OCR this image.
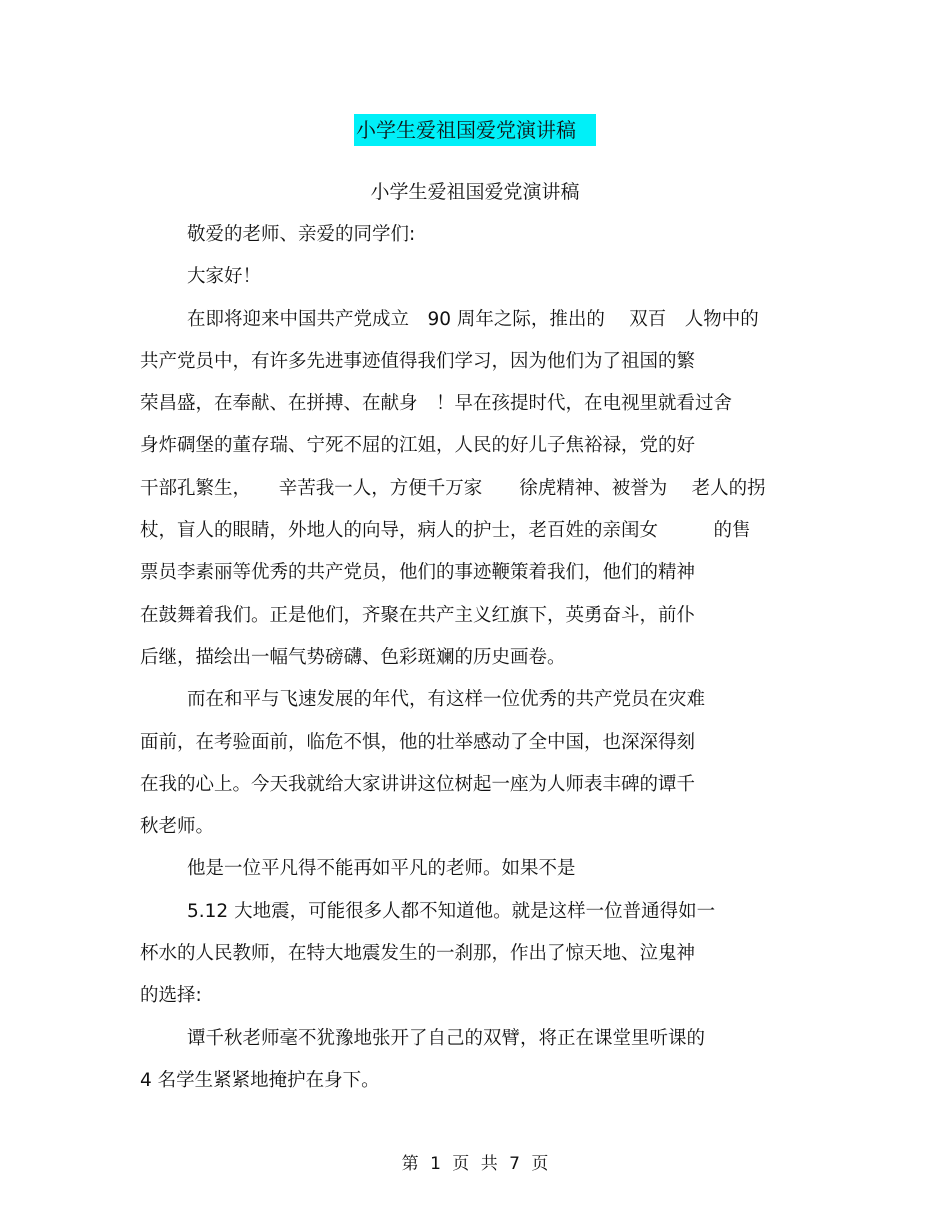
小学生爱祖国爱党演讲稿
小学生爱祖国爱党演讲稿
敬爱的老师、亲爱的同学们:
大家好！
在即将迎来中国共产党成立　90 周年之际，推出的　 双百　人物中的
共产党员中，有许多先进事迹值得我们学习，因为他们为了祖国的繁
荣昌盛，在奉献、在拼搏、在献身　！早在孩提时代，在电视里就看过舍
身炸碉堡的董存瑞、宁死不屈的江姐，人民的好儿子焦裕禄，党的好
干部孔繁生，　　辛苦我一人，方便千万家　　徐虎精神、被誉为　 老人的拐
杖，盲人的眼睛，外地人的向导，病人的护士，老百姓的亲闺女　　　的售
票员李素丽等优秀的共产党员，他们的事迹鞭策着我们，他们的精神
在鼓舞着我们。正是他们，齐聚在共产主义红旗下，英勇奋斗，前仆
后继，描绘出一幅气势磅礴、色彩斑斓的历史画卷。
而在和平与飞速发展的年代，有这样一位优秀的共产党员在灾难
面前，在考验面前，临危不惧，他的壮举感动了全中国，也深深得刻
在我的心上。今天我就给大家讲讲这位树起一座为人师表丰碑的谭千
秋老师。
他是一位平凡得不能再如平凡的老师。如果不是
5.12 大地震，可能很多人都不知道他。就是这样一位普通得如一
杯水的人民教师，在特大地震发生的一刹那，作出了惊天地、泣鬼神
的选择:
谭千秋老师毫不犹豫地张开了自己的双臂，将正在课堂里听课的
4 名学生紧紧地掩护在身下。
第 1 页 共 7 页
